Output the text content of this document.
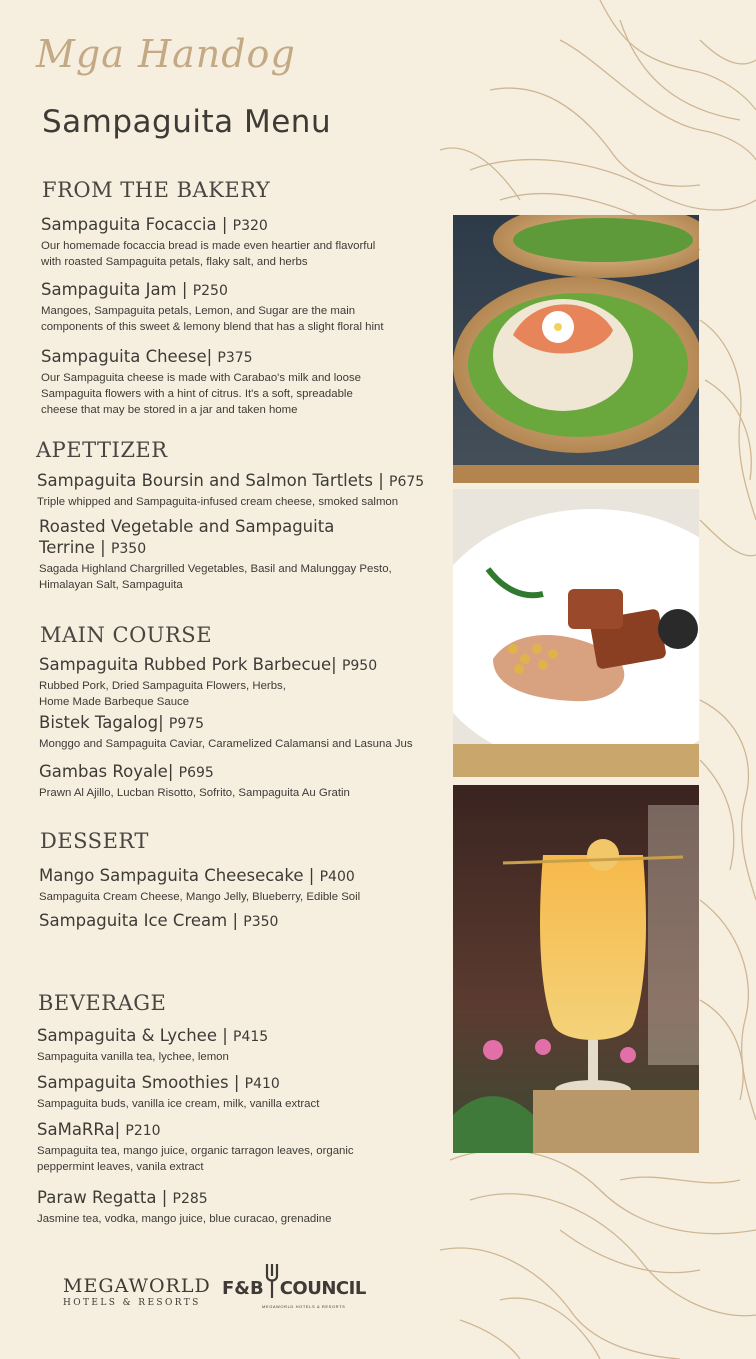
Mga Handog
Sampaguita Menu
FROM THE BAKERY
Sampaguita Focaccia | P320
Our homemade focaccia bread is made even heartier and flavorful
with roasted Sampaguita petals, flaky salt, and herbs
Sampaguita Jam | P250
Mangoes, Sampaguita petals, Lemon, and Sugar are the main
components of this sweet & lemony blend that has a slight floral hint
Sampaguita Cheese| P375
Our Sampaguita cheese is made with Carabao's milk and loose
Sampaguita flowers with a hint of citrus. It's a soft, spreadable
cheese that may be stored in a jar and taken home
APETTIZER
Sampaguita Boursin and Salmon Tartlets | P675
Triple whipped and Sampaguita-infused cream cheese, smoked salmon
Roasted Vegetable and Sampaguita
Terrine | P350
Sagada Highland Chargrilled Vegetables, Basil and Malunggay Pesto,
Himalayan Salt, Sampaguita
MAIN COURSE
Sampaguita Rubbed Pork Barbecue| P950
Rubbed Pork, Dried Sampaguita Flowers, Herbs,
Home Made Barbeque Sauce
Bistek Tagalog| P975
Monggo and Sampaguita Caviar, Caramelized Calamansi and Lasuna Jus
Gambas Royale| P695
Prawn Al Ajillo, Lucban Risotto, Sofrito, Sampaguita Au Gratin
DESSERT
Mango Sampaguita Cheesecake | P400
Sampaguita Cream Cheese, Mango Jelly, Blueberry, Edible Soil
Sampaguita Ice Cream | P350
BEVERAGE
Sampaguita & Lychee | P415
Sampaguita vanilla tea, lychee, lemon
Sampaguita Smoothies | P410
Sampaguita buds, vanilla ice cream, milk, vanilla extract
SaMaRRa| P210
Sampaguita tea, mango juice, organic tarragon leaves, organic
peppermint leaves, vanila extract
Paraw Regatta | P285
Jasmine tea, vodka, mango juice, blue curacao, grenadine
MEGAWORLD
HOTELS & RESORTS
F&B COUNCIL
MEGAWORLD HOTELS & RESORTS
